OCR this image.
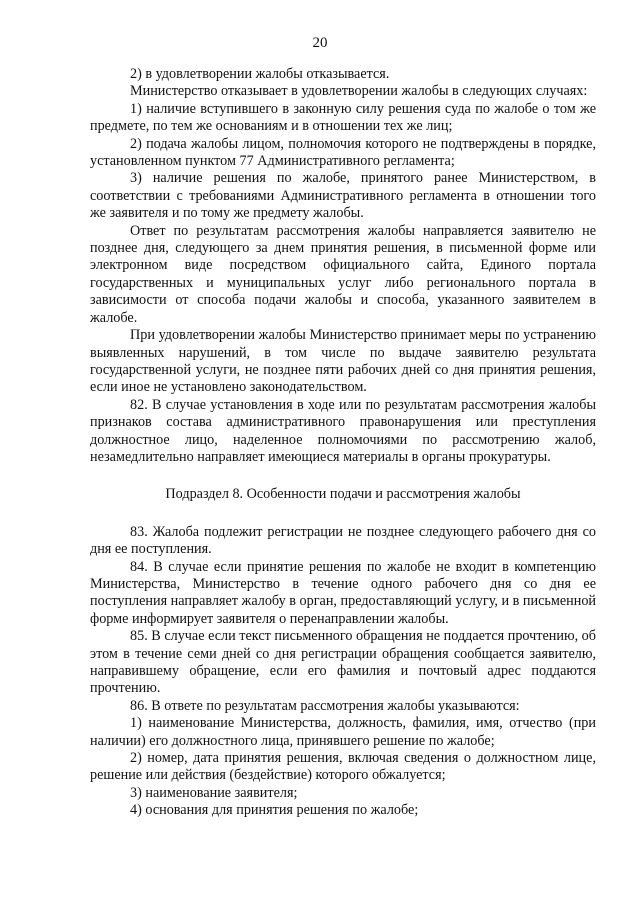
20

2) в удовлетворении жалобы отказывается.

Министерство отказывает в удовлетворении жалобы в следующих случаях:

1) наличие вступившего в законную силу решения суда по жалобе о том же предмете, по тем же основаниям и в отношении тех же лиц;

2) подача жалобы лицом, полномочия которого не подтверждены в порядке, установленном пунктом 77 Административного регламента;

3) наличие решения по жалобе, принятого ранее Министерством, в соответствии с требованиями Административного регламента в отношении того же заявителя и по тому же предмету жалобы.

Ответ по результатам рассмотрения жалобы направляется заявителю не позднее дня, следующего за днем принятия решения, в письменной форме или электронном виде посредством официального сайта, Единого портала государственных и муниципальных услуг либо регионального портала в зависимости от способа подачи жалобы и способа, указанного заявителем в жалобе.

При удовлетворении жалобы Министерство принимает меры по устранению выявленных нарушений, в том числе по выдаче заявителю результата государственной услуги, не позднее пяти рабочих дней со дня принятия решения, если иное не установлено законодательством.

82. В случае установления в ходе или по результатам рассмотрения жалобы признаков состава административного правонарушения или преступления должностное лицо, наделенное полномочиями по рассмотрению жалоб, незамедлительно направляет имеющиеся материалы в органы прокуратуры.

Подраздел 8. Особенности подачи и рассмотрения жалобы

83. Жалоба подлежит регистрации не позднее следующего рабочего дня со дня ее поступления.

84. В случае если принятие решения по жалобе не входит в компетенцию Министерства, Министерство в течение одного рабочего дня со дня ее поступления направляет жалобу в орган, предоставляющий услугу, и в письменной форме информирует заявителя о перенаправлении жалобы.

85. В случае если текст письменного обращения не поддается прочтению, об этом в течение семи дней со дня регистрации обращения сообщается заявителю, направившему обращение, если его фамилия и почтовый адрес поддаются прочтению.

86. В ответе по результатам рассмотрения жалобы указываются:

1) наименование Министерства, должность, фамилия, имя, отчество (при наличии) его должностного лица, принявшего решение по жалобе;

2) номер, дата принятия решения, включая сведения о должностном лице, решение или действия (бездействие) которого обжалуется;

3) наименование заявителя;

4) основания для принятия решения по жалобе;
